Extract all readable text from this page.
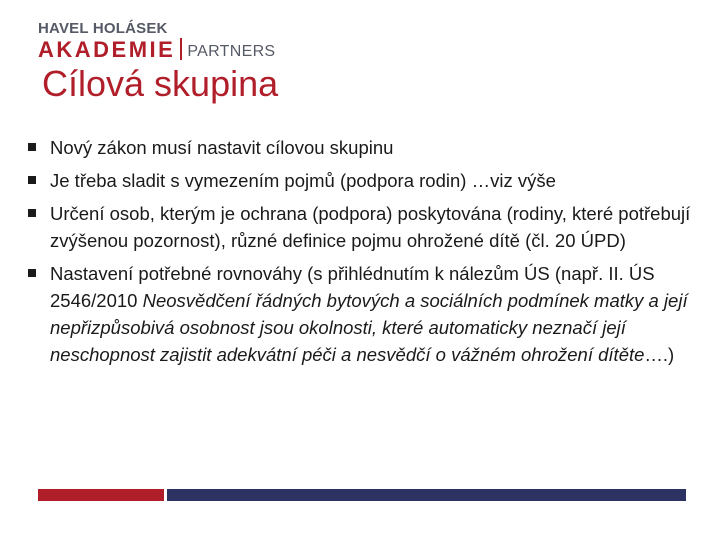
HAVEL HOLÁSEK
AKADEMIE PARTNERS
Cílová skupina
Nový zákon musí nastavit cílovou skupinu
Je třeba sladit s vymezením pojmů (podpora rodin) …viz výše
Určení osob, kterým je ochrana (podpora) poskytována (rodiny, které potřebují zvýšenou pozornost), různé definice pojmu ohrožené dítě (čl. 20 ÚPD)
Nastavení potřebné rovnováhy (s přihlédnutím k nálezům ÚS (např. II. ÚS 2546/2010 Neosvědčení řádných bytových a sociálních podmínek matky a její nepřizpůsobivá osobnost jsou okolnosti, které automaticky neznačí její neschopnost zajistit adekvátní péči a nesvědčí o vážném ohrožení dítěte….)
